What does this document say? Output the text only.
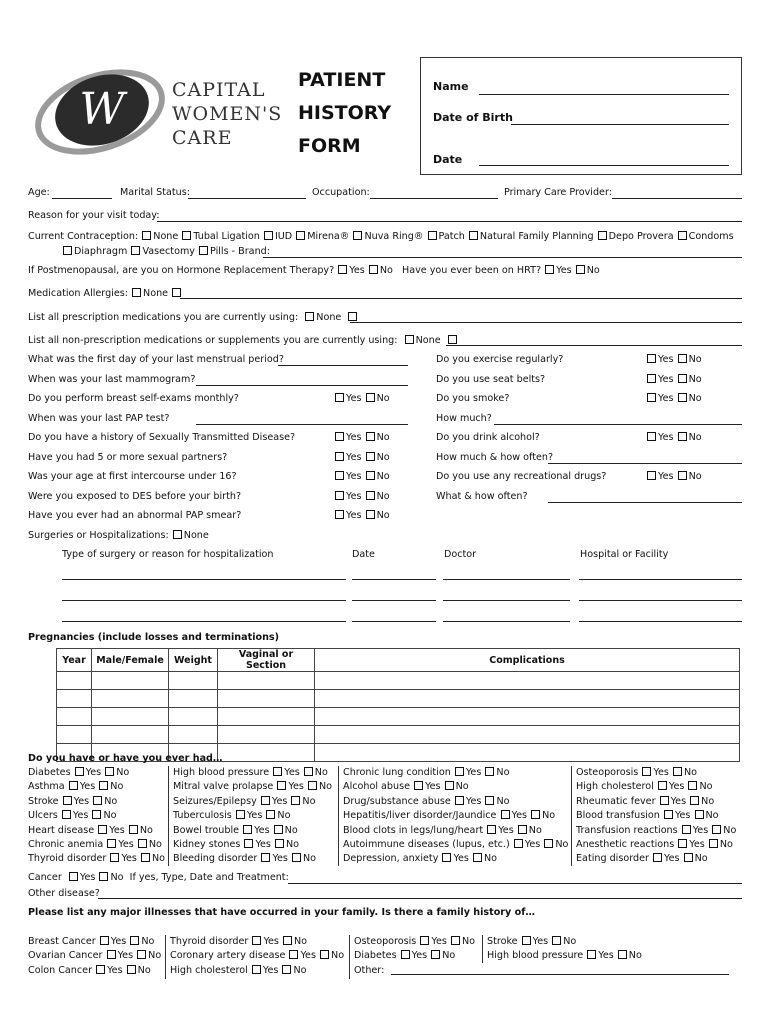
W CAPITAL
WOMEN'S
CARE
PATIENT
HISTORY
FORM
Name
Date of Birth
Date
Age:	Marital Status:	Occupation:	Primary Care Provider:
Reason for your visit today:
Current Contraception: None Tubal Ligation IUD Mirena® Nuva Ring® Patch Natural Family Planning Depo Provera Condoms
Diaphragm Vasectomy Pills - Brand:
If Postmenopausal, are you on Hormone Replacement Therapy? Yes No Have you ever been on HRT? Yes No
Medication Allergies: None
List all prescription medications you are currently using: None
List all non-prescription medications or supplements you are currently using: None
What was the first day of your last menstrual period?
When was your last mammogram?
Do you perform breast self-exams monthly?	Yes No
When was your last PAP test?
Do you have a history of Sexually Transmitted Disease?	Yes No
Have you had 5 or more sexual partners?	Yes No
Was your age at first intercourse under 16?	Yes No
Were you exposed to DES before your birth?	Yes No
Have you ever had an abnormal PAP smear?	Yes No
Do you exercise regularly?	Yes No
Do you use seat belts?	Yes No
Do you smoke?	Yes No
How much?
Do you drink alcohol?	Yes No
How much & how often?
Do you use any recreational drugs?	Yes No
What & how often?
Surgeries or Hospitalizations: None
Type of surgery or reason for hospitalization	Date	Doctor	Hospital or Facility
Pregnancies (include losses and terminations)
Year	Male/Female	Weight	Vaginal or Section	Complications

Do you have or have you ever had…
Diabetes Yes No
Asthma Yes No
Stroke Yes No
Ulcers Yes No
Heart disease Yes No
Chronic anemia Yes No
Thyroid disorder Yes No
High blood pressure Yes No
Mitral valve prolapse Yes No
Seizures/Epilepsy Yes No
Tuberculosis Yes No
Bowel trouble Yes No
Kidney stones Yes No
Bleeding disorder Yes No
Chronic lung condition Yes No
Alcohol abuse Yes No
Drug/substance abuse Yes No
Hepatitis/liver disorder/Jaundice Yes No
Blood clots in legs/lung/heart Yes No
Autoimmune diseases (lupus, etc.) Yes No
Depression, anxiety Yes No
Osteoporosis Yes No
High cholesterol Yes No
Rheumatic fever Yes No
Blood transfusion Yes No
Transfusion reactions Yes No
Anesthetic reactions Yes No
Eating disorder Yes No
Cancer Yes No If yes, Type, Date and Treatment:
Other disease?
Please list any major illnesses that have occurred in your family. Is there a family history of…
Breast Cancer Yes No
Ovarian Cancer Yes No
Colon Cancer Yes No
Thyroid disorder Yes No
Coronary artery disease Yes No
High cholesterol Yes No
Osteoporosis Yes No
Diabetes Yes No
Other:
Stroke Yes No
High blood pressure Yes No
